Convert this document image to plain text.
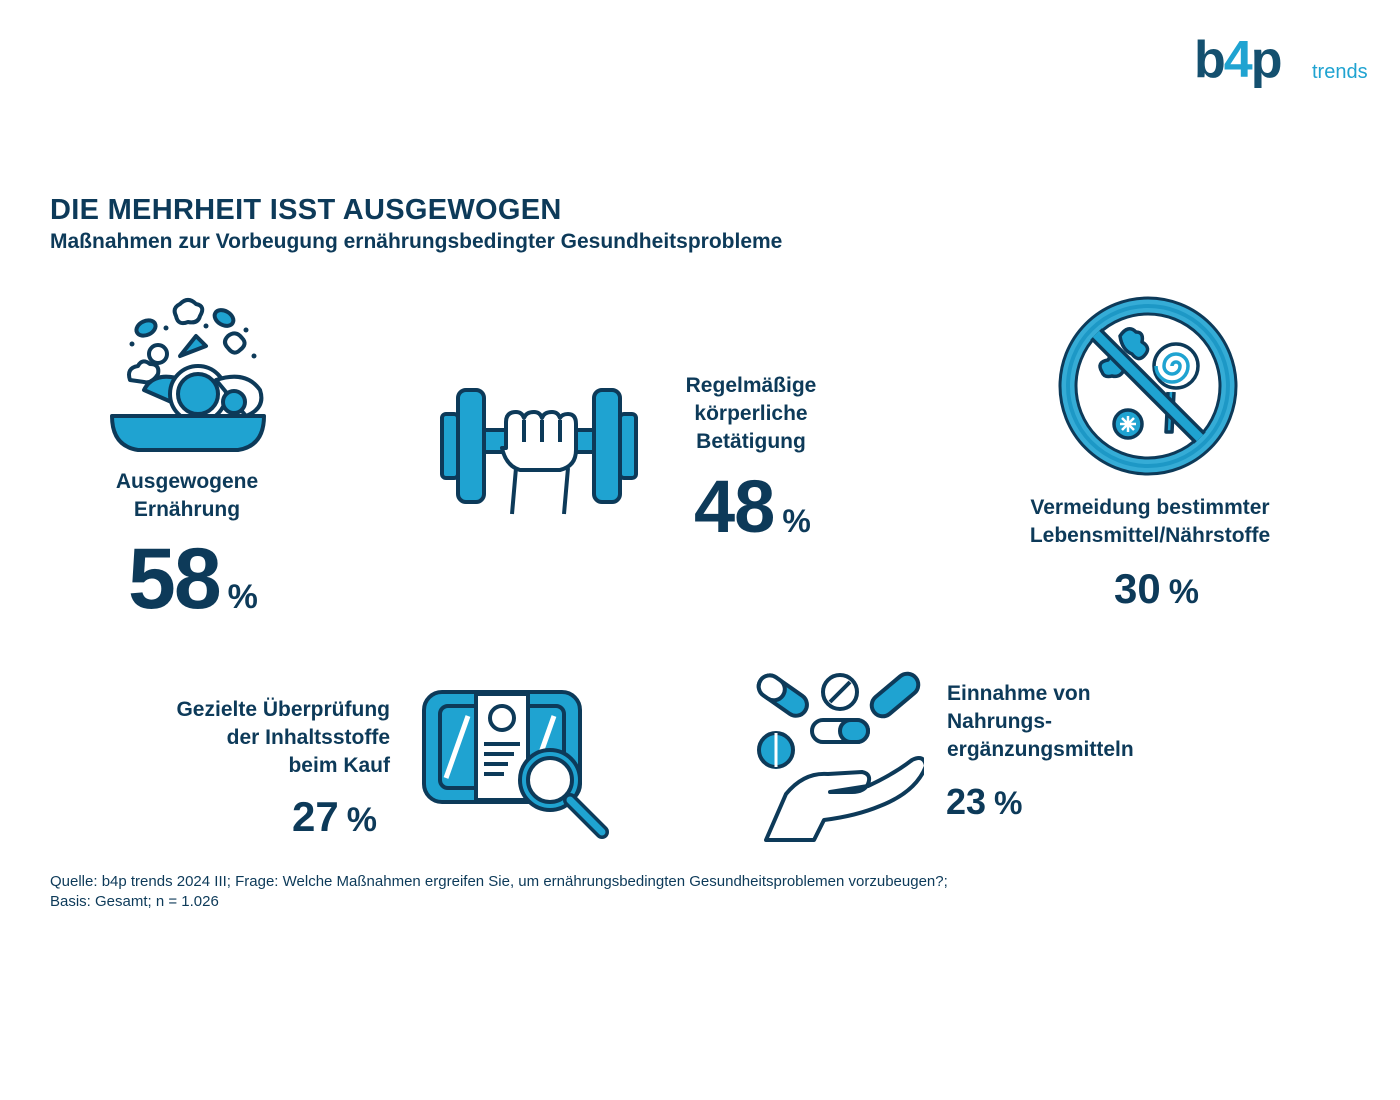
b4p trends
DIE MEHRHEIT ISST AUSGEWOGEN
Maßnahmen zur Vorbeugung ernährungsbedingter Gesundheitsprobleme
Ausgewogene
Ernährung
58 %
Regelmäßige
körperliche
Betätigung
48 %	Vermeidung bestimmter
Lebensmittel/Nährstoffe
30 %
Gezielte Überprüfung
der Inhaltsstoffe
beim Kauf
27 %
Einnahme von
Nahrungs-
ergänzungsmitteln
23 %
Quelle: b4p trends 2024 III; Frage: Welche Maßnahmen ergreifen Sie, um ernährungsbedingten Gesundheitsproblemen vorzubeugen?;
Basis: Gesamt; n = 1.026
